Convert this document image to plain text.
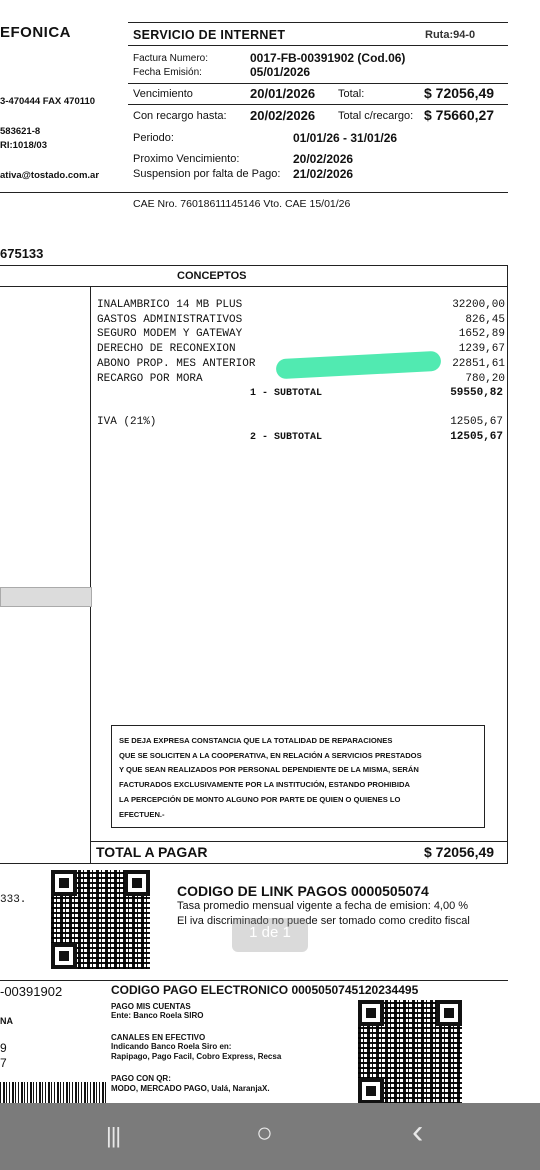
EFONICA
3-470444 FAX 470110
583621-8
RI:1018/03
ativa@tostado.com.ar
SERVICIO DE INTERNET	Ruta:94-0
Factura Numero:	0017-FB-00391902 (Cod.06)
Fecha Emisión:	05/01/2026
Vencimiento	20/01/2026 Total:	$ 72056,49
Con recargo hasta: 20/02/2026 Total c/recargo: $ 75660,27
Periodo:	01/01/26 - 31/01/26
Proximo Vencimiento:	20/02/2026
Suspension por falta de Pago: 21/02/2026
CAE Nro. 76018611145146 Vto. CAE 15/01/26
675133
CONCEPTOS
INALAMBRICO 14 MB PLUS	32200,00
GASTOS ADMINISTRATIVOS	826,45
SEGURO MODEM Y GATEWAY	1652,89
DERECHO DE RECONEXION	1239,67
ABONO PROP. MES ANTERIOR	22851,61
RECARGO POR MORA	780,20
1 - SUBTOTAL	59550,82
IVA (21%)	12505,67
2 - SUBTOTAL	12505,67
SE DEJA EXPRESA CONSTANCIA QUE LA TOTALIDAD DE REPARACIONES
QUE SE SOLICITEN A LA COOPERATIVA, EN RELACIÓN A SERVICIOS PRESTADOS
Y QUE SEAN REALIZADOS POR PERSONAL DEPENDIENTE DE LA MISMA, SERÁN
FACTURADOS EXCLUSIVAMENTE POR LA INSTITUCIÓN, ESTANDO PROHIBIDA
LA PERCEPCIÓN DE MONTO ALGUNO POR PARTE DE QUIEN O QUIENES LO
EFECTUEN.-
TOTAL A PAGAR	$ 72056,49
333.
CODIGO DE LINK PAGOS 0000505074
Tasa promedio mensual vigente a fecha de emision: 4,00 %
El iva discriminado no puede ser tomado como credito fiscal
1 de 1
-00391902
NA
9
7
CODIGO PAGO ELECTRONICO 0005050745120234495
PAGO MIS CUENTAS
Ente: Banco Roela SIRO
CANALES EN EFECTIVO
Indicando Banco Roela Siro en:
Rapipago, Pago Facil, Cobro Express, Recsa
PAGO CON QR:
MODO, MERCADO PAGO, Ualá, NaranjaX.
|||	○	‹
